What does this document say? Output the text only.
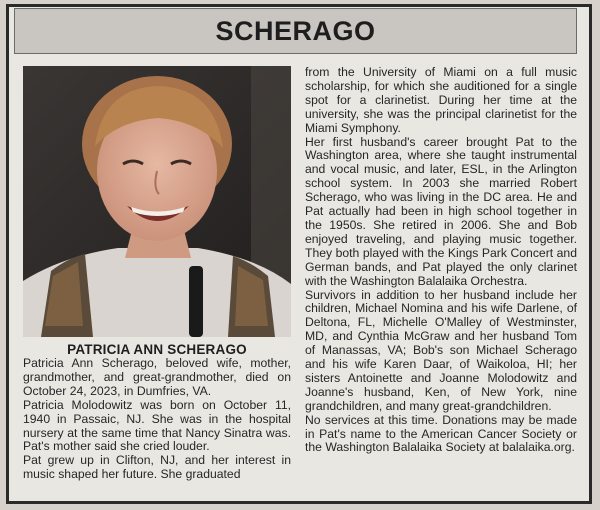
SCHERAGO
PATRICIA ANN SCHERAGO

Patricia Ann Scherago, beloved wife, mother, grandmother, and great-grandmother, died on October 24, 2023, in Dumfries, VA.

Patricia Molodowitz was born on October 11, 1940 in Passaic, NJ. She was in the hospital nursery at the same time that Nancy Sinatra was. Pat's mother said she cried louder.

Pat grew up in Clifton, NJ, and her interest in music shaped her future. She graduated

from the University of Miami on a full music scholarship, for which she auditioned for a single spot for a clarinetist. During her time at the university, she was the principal clarinetist for the Miami Symphony.

Her first husband's career brought Pat to the Washington area, where she taught instrumental and vocal music, and later, ESL, in the Arlington school system. In 2003 she married Robert Scherago, who was living in the DC area. He and Pat actually had been in high school together in the 1950s. She retired in 2006. She and Bob enjoyed traveling, and playing music together. They both played with the Kings Park Concert and German bands, and Pat played the only clarinet with the Washington Balalaika Orchestra.

Survivors in addition to her husband include her children, Michael Nomina and his wife Darlene, of Deltona, FL, Michelle O'Malley of Westminster, MD, and Cynthia McGraw and her husband Tom of Manassas, VA; Bob's son Michael Scherago and his wife Karen Daar, of Waikoloa, HI; her sisters Antoinette and Joanne Molodowitz and Joanne's husband, Ken, of New York, nine grandchildren, and many great-grandchildren.

No services at this time. Donations may be made in Pat's name to the American Cancer Society or the Washington Balalaika Society at balalaika.org.
